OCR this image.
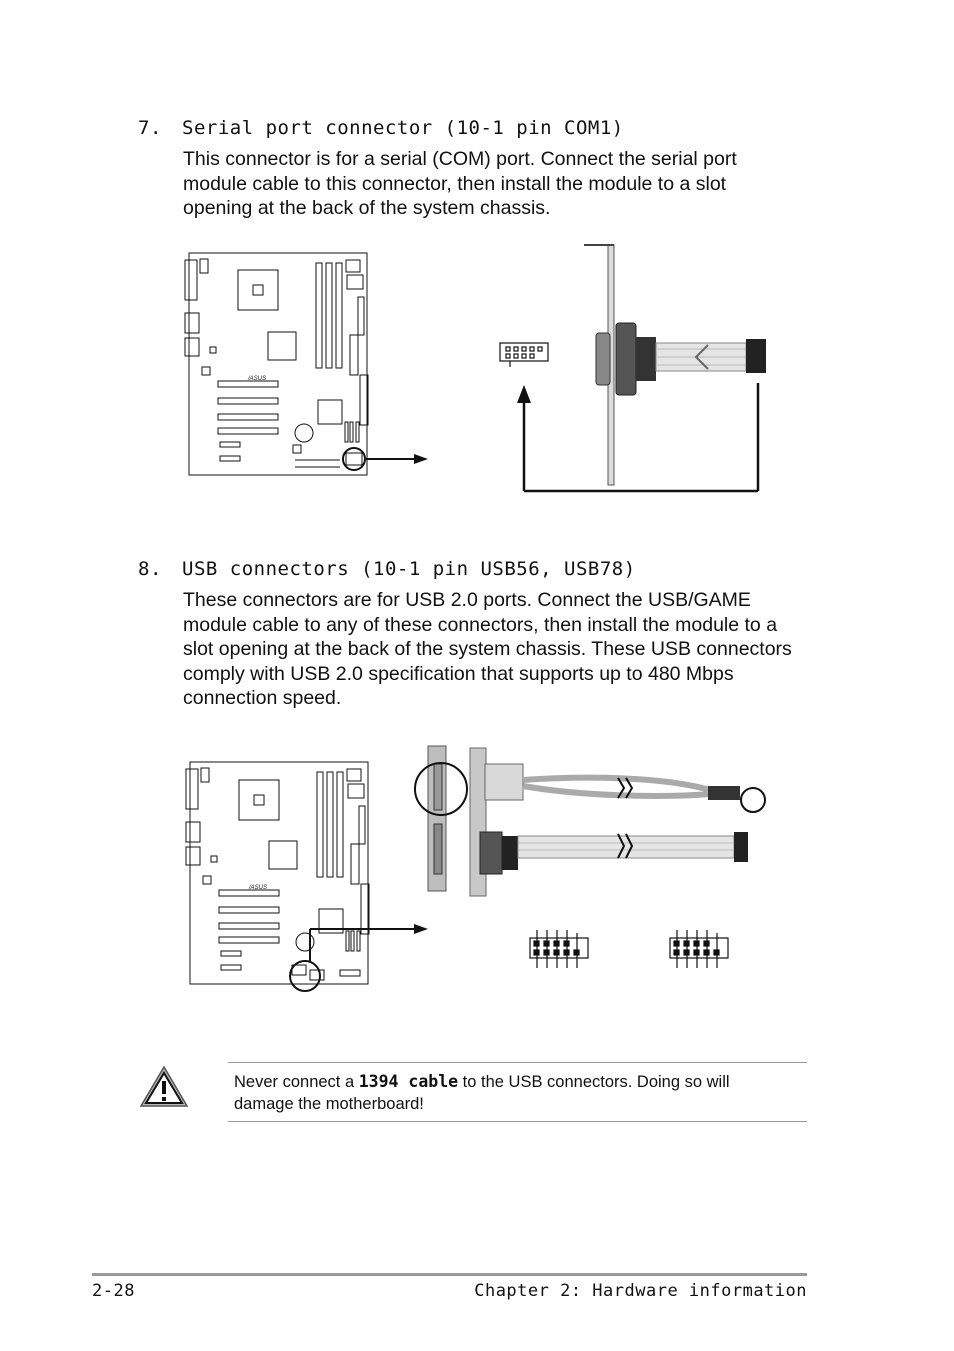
7. Serial port connector (10-1 pin COM1)

This connector is for a serial (COM) port. Connect the serial port

module cable to this connector, then install the module to a slot

opening at the back of the system chassis.

/ASUS
8. USB connectors (10-1 pin USB56, USB78)

These connectors are for USB 2.0 ports. Connect the USB/GAME

module cable to any of these connectors, then install the module to a

slot opening at the back of the system chassis. These USB connectors

comply with USB 2.0 specification that supports up to 480 Mbps

connection speed.

/ASUS
Never connect a 1394 cable to the USB connectors. Doing so will
damage the motherboard!
2-28	Chapter 2: Hardware information
